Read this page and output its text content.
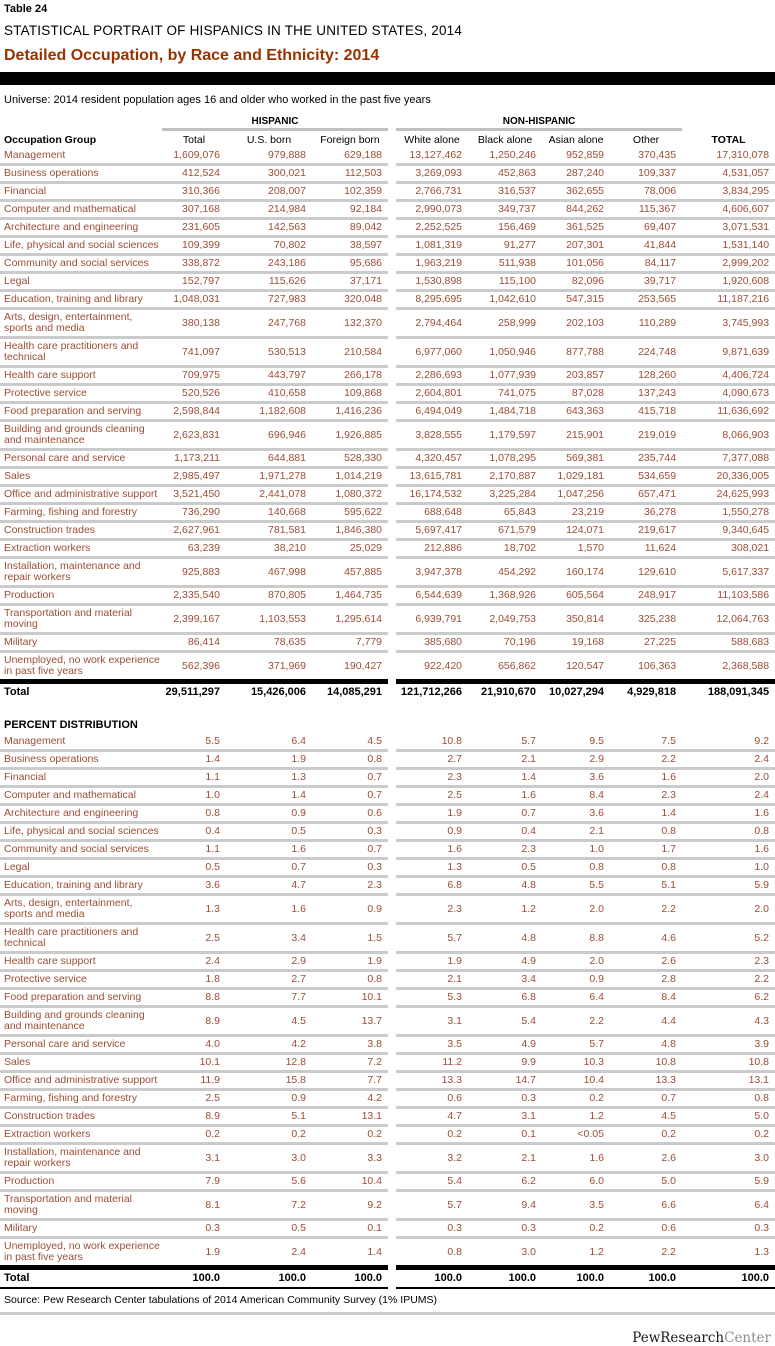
Table 24
STATISTICAL PORTRAIT OF HISPANICS IN THE UNITED STATES, 2014
Detailed Occupation, by Race and Ethnicity: 2014
Universe: 2014 resident population ages 16 and older who worked in the past five years
	HISPANIC				NON-HISPANIC				
Occupation Group	Total	U.S. born	Foreign born		White alone	Black alone	Asian alone	Other	TOTAL
Management	1,609,076	979,888	629,188		13,127,462	1,250,246	952,859	370,435	17,310,078
Business operations	412,524	300,021	112,503		3,269,093	452,863	287,240	109,337	4,531,057
Financial	310,366	208,007	102,359		2,766,731	316,537	362,655	78,006	3,834,295
Computer and mathematical	307,168	214,984	92,184		2,990,073	349,737	844,262	115,367	4,606,607
Architecture and engineering	231,605	142,563	89,042		2,252,525	156,469	361,525	69,407	3,071,531
Life, physical and social sciences	109,399	70,802	38,597		1,081,319	91,277	207,301	41,844	1,531,140
Community and social services	338,872	243,186	95,686		1,963,219	511,938	101,056	84,117	2,999,202
Legal	152,797	115,626	37,171		1,530,898	115,100	82,096	39,717	1,920,608
Education, training and library	1,048,031	727,983	320,048		8,295,695	1,042,610	547,315	253,565	11,187,216
Arts, design, entertainment, sports and media	380,138	247,768	132,370		2,794,464	258,999	202,103	110,289	3,745,993
Health care practitioners and technical	741,097	530,513	210,584		6,977,060	1,050,946	877,788	224,748	9,871,639
Health care support	709,975	443,797	266,178		2,286,693	1,077,939	203,857	128,260	4,406,724
Protective service	520,526	410,658	109,868		2,604,801	741,075	87,028	137,243	4,090,673
Food preparation and serving	2,598,844	1,182,608	1,416,236		6,494,049	1,484,718	643,363	415,718	11,636,692
Building and grounds cleaning and maintenance	2,623,831	696,946	1,926,885		3,828,555	1,179,597	215,901	219,019	8,066,903
Personal care and service	1,173,211	644,881	528,330		4,320,457	1,078,295	569,381	235,744	7,377,088
Sales	2,985,497	1,971,278	1,014,219		13,615,781	2,170,887	1,029,181	534,659	20,336,005
Office and administrative support	3,521,450	2,441,078	1,080,372		16,174,532	3,225,284	1,047,256	657,471	24,625,993
Farming, fishing and forestry	736,290	140,668	595,622		688,648	65,843	23,219	36,278	1,550,278
Construction trades	2,627,961	781,581	1,846,380		5,697,417	671,579	124,071	219,617	9,340,645
Extraction workers	63,239	38,210	25,029		212,886	18,702	1,570	11,624	308,021
Installation, maintenance and repair workers	925,883	467,998	457,885		3,947,378	454,292	160,174	129,610	5,617,337
Production	2,335,540	870,805	1,464,735		6,544,639	1,368,926	605,564	248,917	11,103,586
Transportation and material moving	2,399,167	1,103,553	1,295,614		6,939,791	2,049,753	350,814	325,238	12,064,763
Military	86,414	78,635	7,779		385,680	70,196	19,168	27,225	588,683
Unemployed, no work experience in past five years	562,396	371,969	190,427		922,420	656,862	120,547	106,363	2,368,588
Total	29,511,297	15,426,006	14,085,291		121,712,266	21,910,670	10,027,294	4,929,818	188,091,345
PERCENT DISTRIBUTION
Management	5.5	6.4	4.5		10.8	5.7	9.5	7.5	9.2
Business operations	1.4	1.9	0.8		2.7	2.1	2.9	2.2	2.4
Financial	1.1	1.3	0.7		2.3	1.4	3.6	1.6	2.0
Computer and mathematical	1.0	1.4	0.7		2.5	1.6	8.4	2.3	2.4
Architecture and engineering	0.8	0.9	0.6		1.9	0.7	3.6	1.4	1.6
Life, physical and social sciences	0.4	0.5	0.3		0.9	0.4	2.1	0.8	0.8
Community and social services	1.1	1.6	0.7		1.6	2.3	1.0	1.7	1.6
Legal	0.5	0.7	0.3		1.3	0.5	0.8	0.8	1.0
Education, training and library	3.6	4.7	2.3		6.8	4.8	5.5	5.1	5.9
Arts, design, entertainment, sports and media	1.3	1.6	0.9		2.3	1.2	2.0	2.2	2.0
Health care practitioners and technical	2.5	3.4	1.5		5.7	4.8	8.8	4.6	5.2
Health care support	2.4	2.9	1.9		1.9	4.9	2.0	2.6	2.3
Protective service	1.8	2.7	0.8		2.1	3.4	0.9	2.8	2.2
Food preparation and serving	8.8	7.7	10.1		5.3	6.8	6.4	8.4	6.2
Building and grounds cleaning and maintenance	8.9	4.5	13.7		3.1	5.4	2.2	4.4	4.3
Personal care and service	4.0	4.2	3.8		3.5	4.9	5.7	4.8	3.9
Sales	10.1	12.8	7.2		11.2	9.9	10.3	10.8	10.8
Office and administrative support	11.9	15.8	7.7		13.3	14.7	10.4	13.3	13.1
Farming, fishing and forestry	2.5	0.9	4.2		0.6	0.3	0.2	0.7	0.8
Construction trades	8.9	5.1	13.1		4.7	3.1	1.2	4.5	5.0
Extraction workers	0.2	0.2	0.2		0.2	0.1	<0.05	0.2	0.2
Installation, maintenance and repair workers	3.1	3.0	3.3		3.2	2.1	1.6	2.6	3.0
Production	7.9	5.6	10.4		5.4	6.2	6.0	5.0	5.9
Transportation and material moving	8.1	7.2	9.2		5.7	9.4	3.5	6.6	6.4
Military	0.3	0.5	0.1		0.3	0.3	0.2	0.6	0.3
Unemployed, no work experience in past five years	1.9	2.4	1.4		0.8	3.0	1.2	2.2	1.3
Total	100.0	100.0	100.0		100.0	100.0	100.0	100.0	100.0
Source: Pew Research Center tabulations of 2014 American Community Survey (1% IPUMS)
PewResearchCenter
